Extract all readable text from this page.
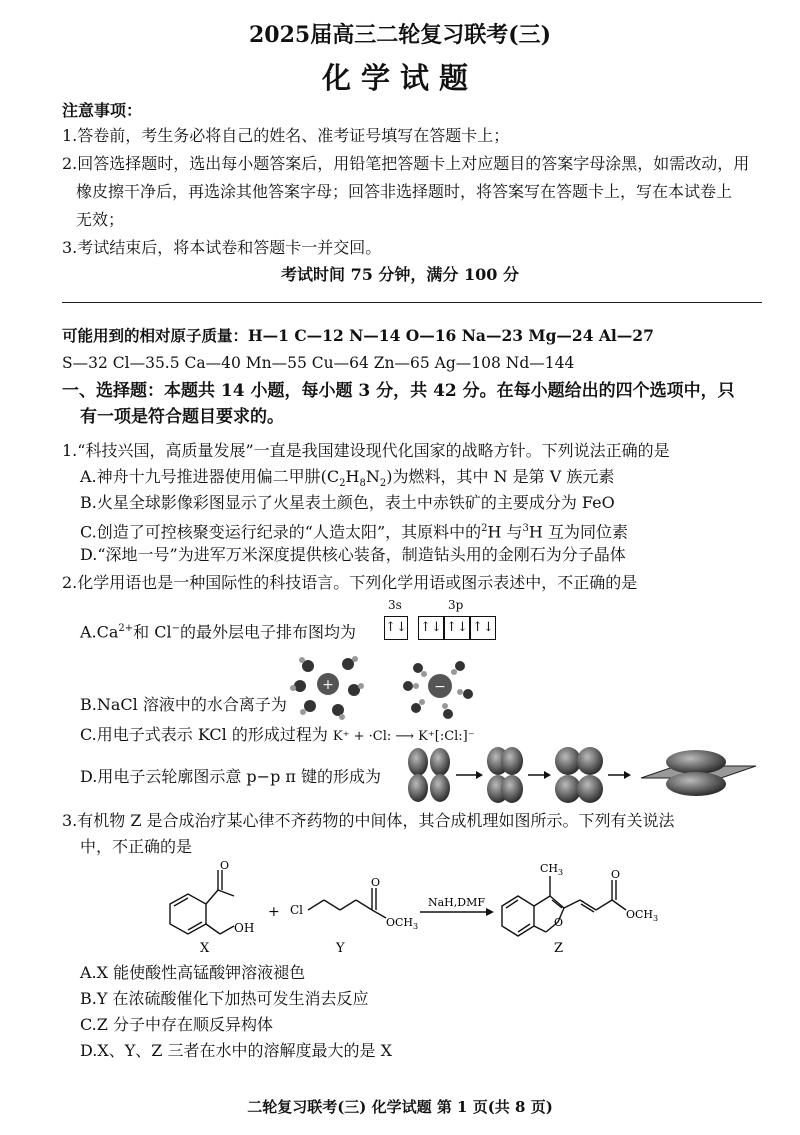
2025届高三二轮复习联考(三)
化学试题
注意事项：
1.答卷前，考生务必将自己的姓名、准考证号填写在答题卡上；
2.回答选择题时，选出每小题答案后，用铅笔把答题卡上对应题目的答案字母涂黑，如需改动，用
橡皮擦干净后，再选涂其他答案字母；回答非选择题时，将答案写在答题卡上，写在本试卷上
无效；
3.考试结束后，将本试卷和答题卡一并交回。
考试时间 75 分钟，满分 100 分
可能用到的相对原子质量：H—1 C—12 N—14 O—16 Na—23 Mg—24 Al—27
S—32 Cl—35.5 Ca—40 Mn—55 Cu—64 Zn—65 Ag—108 Nd—144
一、选择题：本题共 14 小题，每小题 3 分，共 42 分。在每小题给出的四个选项中，只
有一项是符合题目要求的。
1.“科技兴国，高质量发展”一直是我国建设现代化国家的战略方针。下列说法正确的是
A.神舟十九号推进器使用偏二甲肼$(C_2H_8N_2)$为燃料，其中 N 是第 V 族元素
B.火星全球影像彩图显示了火星表土颜色，表土中赤铁矿的主要成分为 FeO
C.创造了可控核聚变运行纪录的“人造太阳”，其原料中的$^2$H 与$^3$H 互为同位素
D.“深地一号”为进军万米深度提供核心装备，制造钻头用的金刚石为分子晶体
2.化学用语也是一种国际性的科技语言。下列化学用语或图示表述中，不正确的是
$A.Ca^{2+}$和 Cl−的最外层电子排布图均为
3s	3p
↑↓ ↑↓ ↑↓ ↑↓
B.NaCl 溶液中的水合离子为
+	−
C.用电子式表示 KCl 的形成过程为 K⁺ + ·Cl: ⟶ K⁺[:Cl:]⁻
D.用电子云轮廓图示意 p−p π 键的形成为
3.有机物 Z 是合成治疗某心律不齐药物的中间体，其合成机理如图所示。下列有关说法
中，不正确的是
O
OH
X
+ Cl
O
$OCH_3$
Y
NaH,DMF
$CH_3$
O
O
$OCH_3$
Z
A.X 能使酸性高锰酸钾溶液褪色
B.Y 在浓硫酸催化下加热可发生消去反应
C.Z 分子中存在顺反异构体
D.X、Y、Z 三者在水中的溶解度最大的是 X
二轮复习联考(三) 化学试题 第 1 页(共 8 页)
